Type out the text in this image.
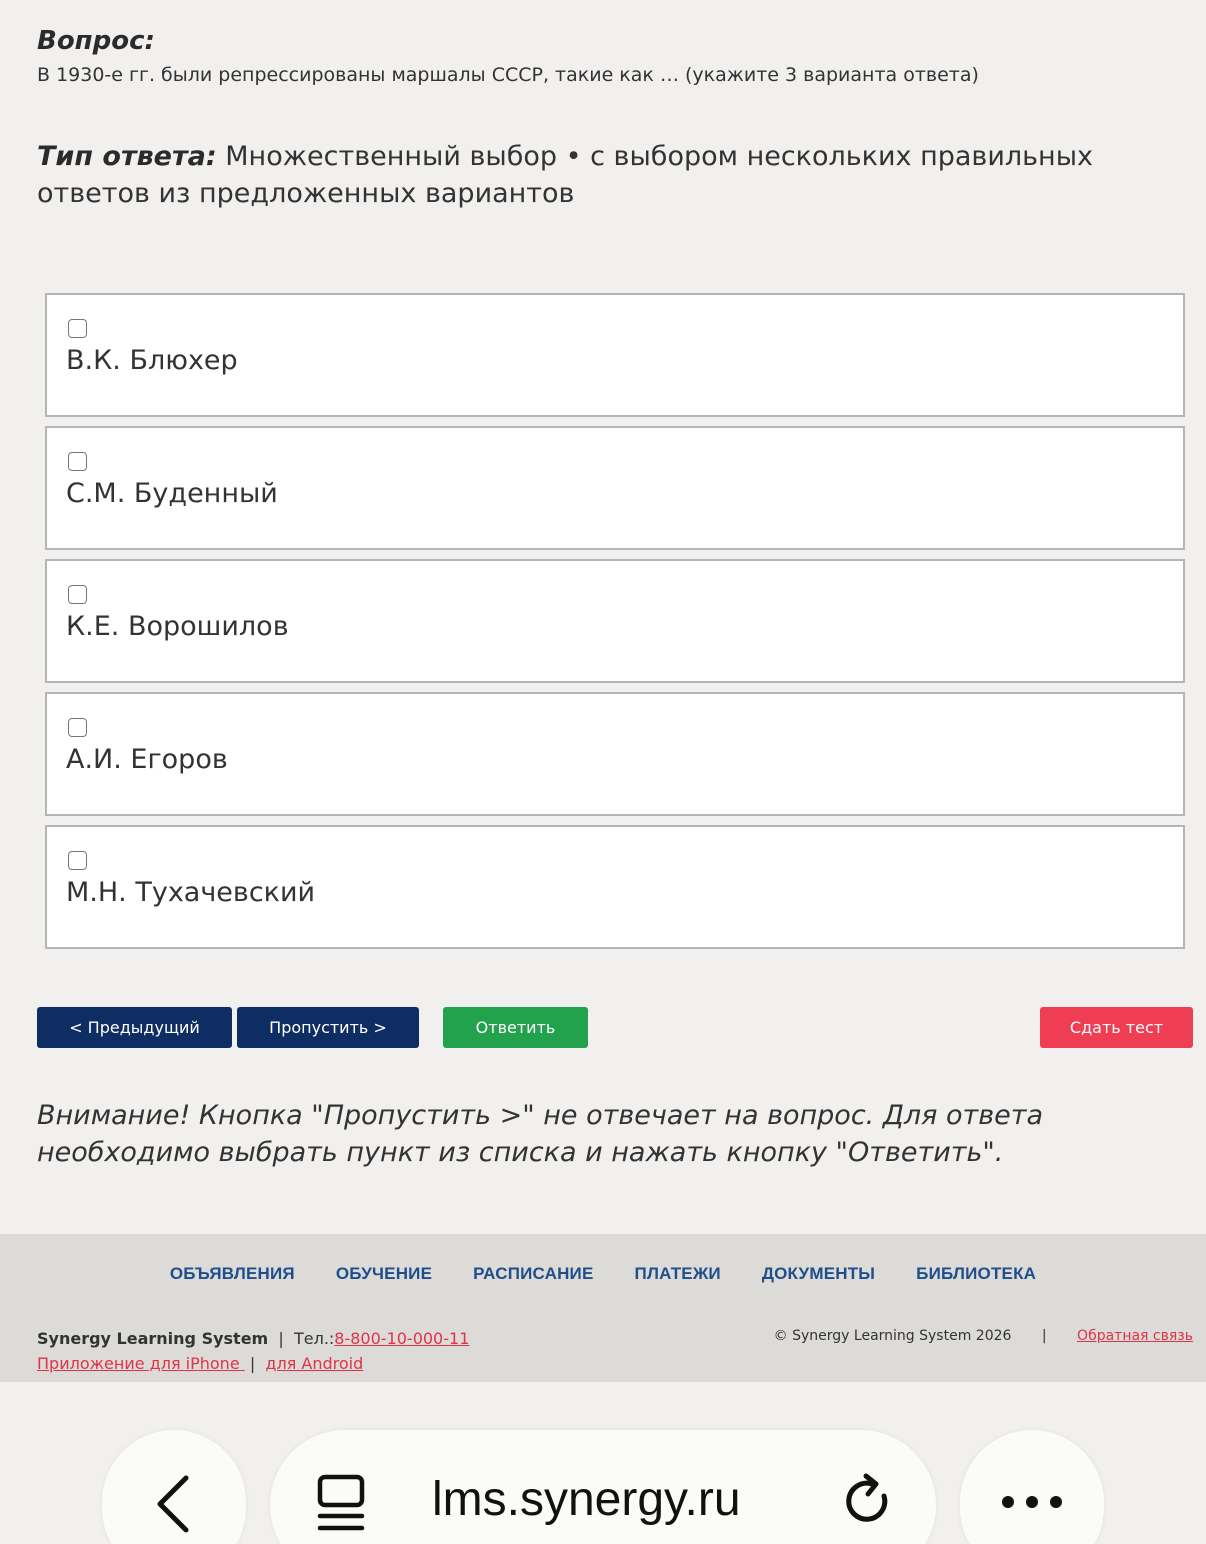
Вопрос:
В 1930-е гг. были репрессированы маршалы СССР, такие как … (укажите 3 варианта ответа)
Тип ответа: Множественный выбор • с выбором нескольких правильных ответов из предложенных вариантов
В.К. Блюхер
С.М. Буденный
К.Е. Ворошилов
А.И. Егоров
М.Н. Тухачевский
< Предыдущий	Пропустить >	Ответить	Сдать тест
Внимание! Кнопка "Пропустить >" не отвечает на вопрос. Для ответа необходимо выбрать пункт из списка и нажать кнопку "Ответить".
ОБЪЯВЛЕНИЯ ОБУЧЕНИЕ РАСПИСАНИЕ ПЛАТЕЖИ ДОКУМЕНТЫ БИБЛИОТЕКА
Synergy Learning System  |  Тел.:8-800-10-000-11
Приложение для iPhone  |  для Android
© Synergy Learning System 2026 | Обратная связь
lms.synergy.ru
